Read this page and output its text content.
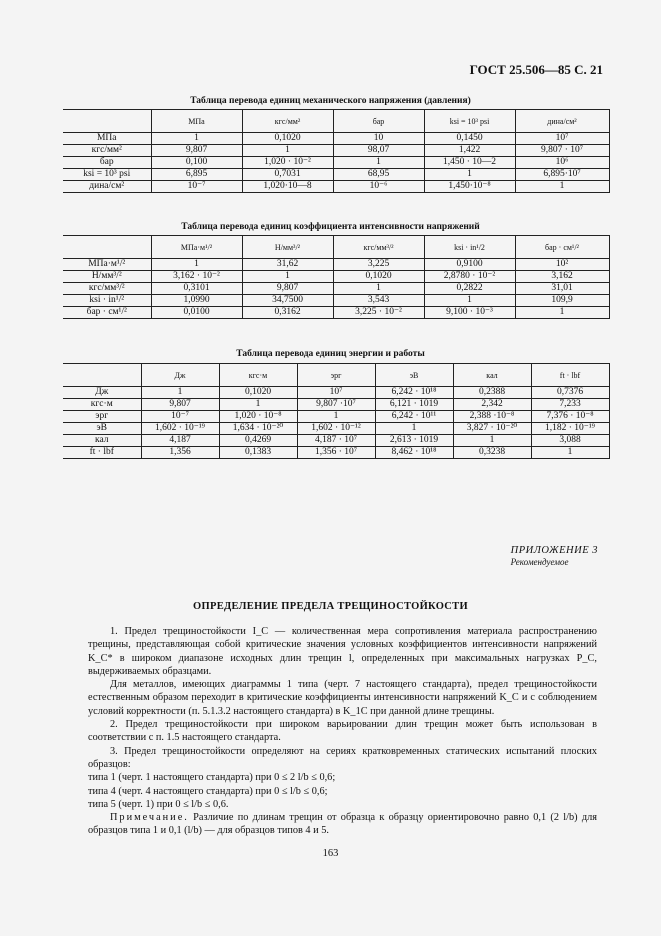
ГОСТ 25.506—85 С. 21
Таблица перевода единиц механического напряжения (давления)
	МПа	кгс/мм²	бар	ksi = 10³ psi	дина/см²
МПа	1	0,1020	10	0,1450	10⁷
кгс/мм²	9,807	1	98,07	1,422	9,807 · 10⁷
бар	0,100	1,020 · 10⁻²	1	1,450 · 10—2	10⁶
ksi = 10³ psi	6,895	0,7031	68,95	1	6,895·10⁷
дина/см²	10⁻⁷	1,020·10—8	10⁻⁶	1,450·10⁻⁸	1
Таблица перевода единиц коэффициента интенсивности напряжений
	МПа·м¹/²	Н/мм³/²	кгс/мм³/²	ksi · in¹/2	бар · см¹/²
МПа·м¹/²	1	31,62	3,225	0,9100	10²
Н/мм³/²	3,162 · 10⁻²	1	0,1020	2,8780 · 10⁻²	3,162
кгс/мм³/²	0,3101	9,807	1	0,2822	31,01
ksi · in¹/²	1,0990	34,7500	3,543	1	109,9
бар · см¹/²	0,0100	0,3162	3,225 · 10⁻²	9,100 · 10⁻³	1
Таблица перевода единиц энергии и работы
	Дж	кгс·м	эрг	эВ	кал	ft · lbf
Дж	1	0,1020	10⁷	6,242 · 10¹⁸	0,2388	0,7376
кгс·м	9,807	1	9,807 ·10⁷	6,121 · 1019	2,342	7,233
эрг	10⁻⁷	1,020 · 10⁻⁸	1	6,242 · 10¹¹	2,388 ·10⁻⁸	7,376 · 10⁻⁸
эВ	1,602 · 10⁻¹⁹	1,634 · 10⁻²⁰	1,602 · 10⁻¹²	1	3,827 · 10⁻²⁰	1,182 · 10⁻¹⁹
кал	4,187	0,4269	4,187 · 10⁷	2,613 · 1019	1	3,088
ft · lbf	1,356	0,1383	1,356 · 10⁷	8,462 · 10¹⁸	0,3238	1
ПРИЛОЖЕНИЕ 3
Рекомендуемое
ОПРЕДЕЛЕНИЕ ПРЕДЕЛА ТРЕЩИНОСТОЙКОСТИ

1. Предел трещиностойкости I_C — количественная мера сопротивления материала распространению трещины, представляющая собой критические значения условных коэффициентов интенсивности напряжений K_C* в широком диапазоне исходных длин трещин l, определенных при максимальных нагрузках P_C, выдерживаемых образцами.

Для металлов, имеющих диаграммы 1 типа (черт. 7 настоящего стандарта), предел трещиностойкости естественным образом переходит в критические коэффициенты интенсивности напряжений K_C и с соблюдением условий корректности (п. 5.1.3.2 настоящего стандарта) в K_1C при данной длине трещины.

2. Предел трещиностойкости при широком варьировании длин трещин может быть использован в соответствии с п. 1.5 настоящего стандарта.

3. Предел трещиностойкости определяют на сериях кратковременных статических испытаний плоских образцов:

типа 1 (черт. 1 настоящего стандарта) при 0 ≤ 2 l/b ≤ 0,6;

типа 4 (черт. 4 настоящего стандарта) при 0 ≤ l/b ≤ 0,6;

типа 5 (черт. 1) при 0 ≤ l/b ≤ 0,6.

Примечание. Различие по длинам трещин от образца к образцу ориентировочно равно 0,1 (2 l/b) для образцов типа 1 и 0,1 (l/b) — для образцов типов 4 и 5.

163
